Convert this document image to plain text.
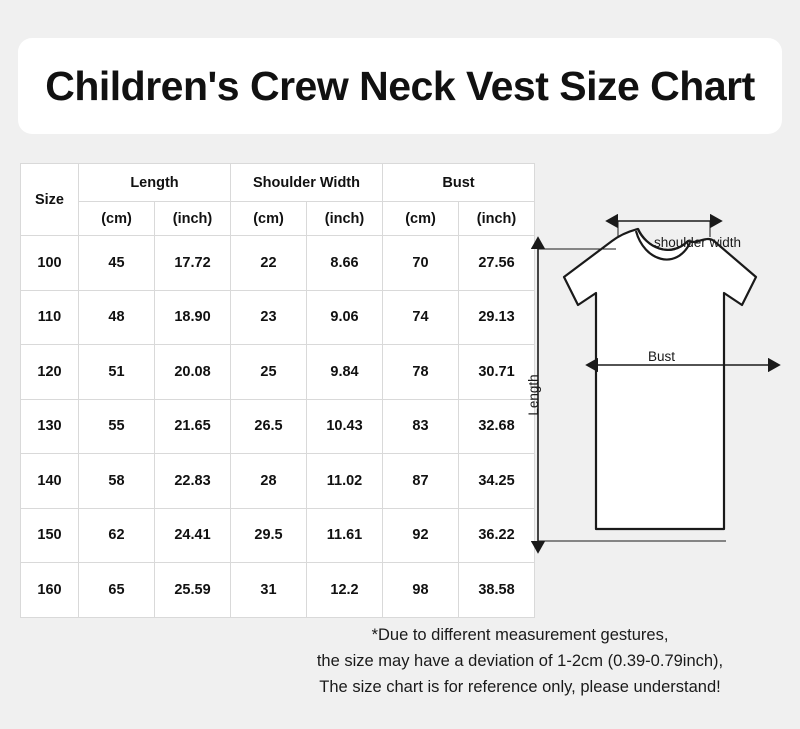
Children's Crew Neck Vest Size Chart
Size	Length		Shoulder Width		Bust	
	(cm)	(inch)	(cm)	(inch)	(cm)	(inch)
100	45	17.72	22	8.66	70	27.56
110	48	18.90	23	9.06	74	29.13
120	51	20.08	25	9.84	78	30.71
130	55	21.65	26.5	10.43	83	32.68
140	58	22.83	28	11.02	87	34.25
150	62	24.41	29.5	11.61	92	36.22
160	65	25.59	31	12.2	98	38.58
shoulder width
Bust
Length
*Due to different measurement gestures,
the size may have a deviation of 1-2cm (0.39-0.79inch),
The size chart is for reference only, please understand!
